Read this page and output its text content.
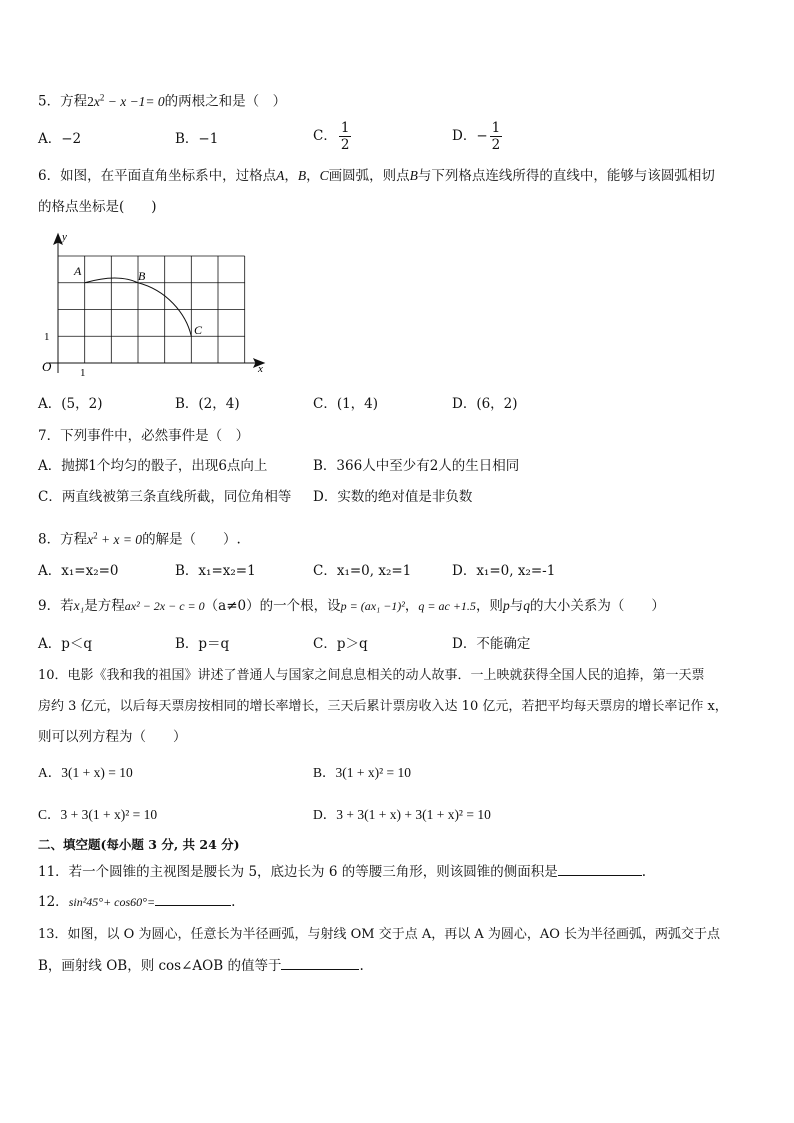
5．方程$2x^2 - x -1= 0$的两根之和是（　）
A．−2	B．−1	C． $\frac{1}{2}$	D．− $\frac{1}{2}$
6．如图，在平面直角坐标系中，过格点A，B，C画圆弧，则点B与下列格点连线所得的直线中，能够与该圆弧相切
的格点坐标是(　　)
y
x
O	1
1
A	B
C
A．(5，2)	B．(2，4)	C．(1，4)	D．(6，2)
7．下列事件中，必然事件是（　）
A．抛掷1个均匀的骰子，出现6点向上	B．366人中至少有2人的生日相同
C．两直线被第三条直线所截，同位角相等 D．实数的绝对值是非负数
8．方程$x^2 + x = 0$的解是（　　）.
A．x₁=x₂=0	B．x₁=x₂=1	C．x₁=0, x₂=1	D．x₁=0, x₂=-1
9．若x₁是方程ax² − 2x − c = 0（a≠0）的一个根，设p = (ax₁ −1)²，q = ac +1.5，则p与q的大小关系为（　　）
A．p＜q	B．p＝q	C．p＞q	D．不能确定
10．电影《我和我的祖国》讲述了普通人与国家之间息息相关的动人故事．一上映就获得全国人民的追捧，第一天票
房约 3 亿元，以后每天票房按相同的增长率增长，三天后累计票房收入达 10 亿元，若把平均每天票房的增长率记作 x，
则可以列方程为（　　）
A．3(1 + x) = 10	B．3(1 + x)² = 10
C．3 + 3(1 + x)² = 10	D．3 + 3(1 + x) + 3(1 + x)² = 10
二、填空题(每小题 3 分, 共 24 分)
11．若一个圆锥的主视图是腰长为 5，底边长为 6 的等腰三角形，则该圆锥的侧面积是	.
12．sin²45°+ cos60°=	.
13．如图，以 O 为圆心，任意长为半径画弧，与射线 OM 交于点 A，再以 A 为圆心，AO 长为半径画弧，两弧交于点
B，画射线 OB，则 cos∠AOB 的值等于	.
